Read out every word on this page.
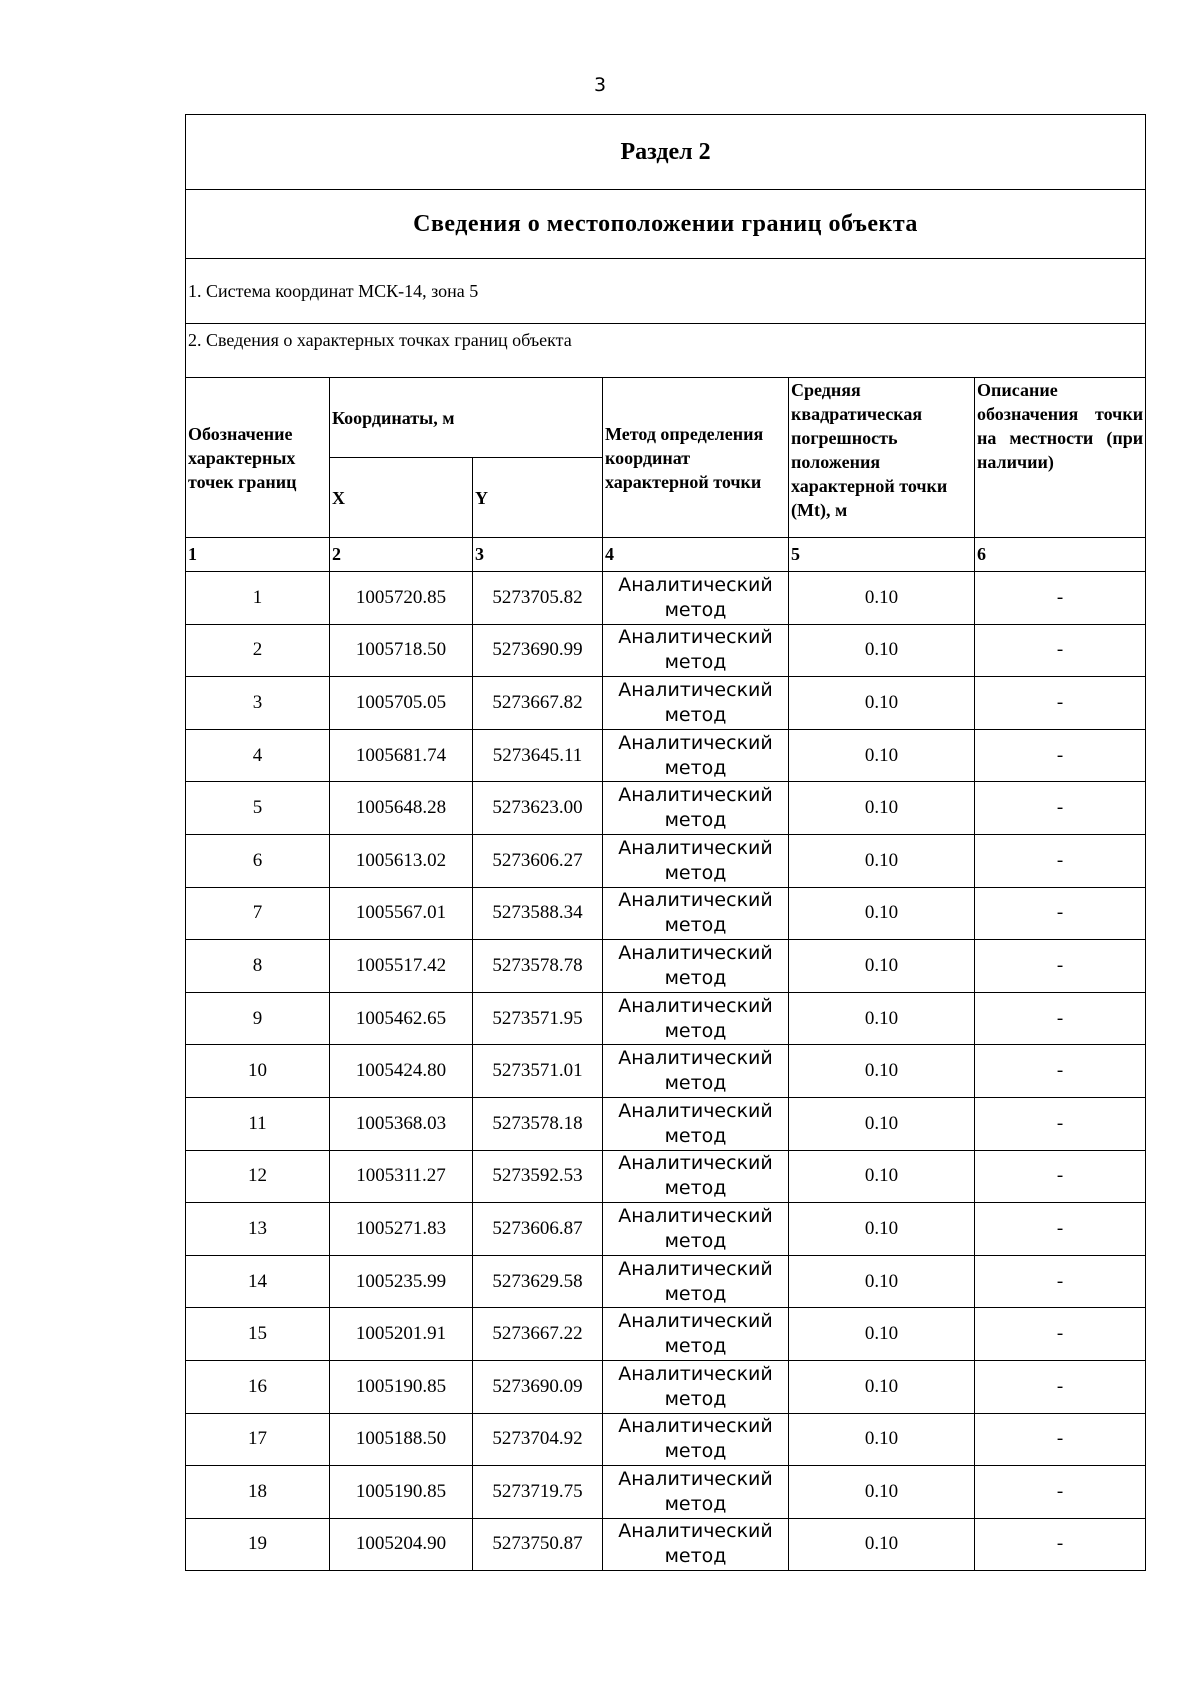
3
Раздел 2					
Сведения о местоположении границ объекта					
1. Система координат МСК-14, зона 5					
2. Сведения о характерных точках границ объекта					
Обозначение характерных точек границ	Координаты, м		Метод определения координат характерной точки	Средняя квадратическая погрешность положения характерной точки (Mt), м	Описание обозначения точки на местности (при наличии)
	X	Y			
1	2	3	4	5	6
1	1005720.85	5273705.82	Аналитический метод	0.10	-
2	1005718.50	5273690.99	Аналитический метод	0.10	-
3	1005705.05	5273667.82	Аналитический метод	0.10	-
4	1005681.74	5273645.11	Аналитический метод	0.10	-
5	1005648.28	5273623.00	Аналитический метод	0.10	-
6	1005613.02	5273606.27	Аналитический метод	0.10	-
7	1005567.01	5273588.34	Аналитический метод	0.10	-
8	1005517.42	5273578.78	Аналитический метод	0.10	-
9	1005462.65	5273571.95	Аналитический метод	0.10	-
10	1005424.80	5273571.01	Аналитический метод	0.10	-
11	1005368.03	5273578.18	Аналитический метод	0.10	-
12	1005311.27	5273592.53	Аналитический метод	0.10	-
13	1005271.83	5273606.87	Аналитический метод	0.10	-
14	1005235.99	5273629.58	Аналитический метод	0.10	-
15	1005201.91	5273667.22	Аналитический метод	0.10	-
16	1005190.85	5273690.09	Аналитический метод	0.10	-
17	1005188.50	5273704.92	Аналитический метод	0.10	-
18	1005190.85	5273719.75	Аналитический метод	0.10	-
19	1005204.90	5273750.87	Аналитический метод	0.10	-
